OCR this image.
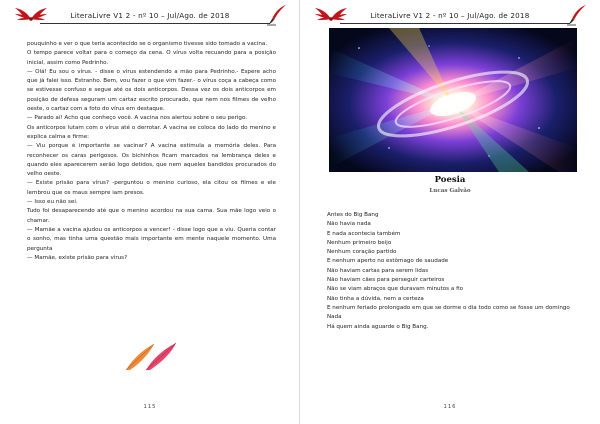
LiteraLivre V1 2 - nº 10 – Jul/Ago. de 2018

pouquinho e ver o que teria acontecido se o organismo tivesse sido tomado a vacina.

O tempo parece voltar para o começo da cena. O vírus volta recuando para a posição inicial, assim como Pedrinho.

— Olá! Eu sou o vírus. - disse o vírus estendendo a mão para Pedrinho.- Espere acho que já falei isso. Estranho. Bem, vou fazer o que vim fazer.- o vírus coça a cabeça como se estivesse confuso e segue até os dois anticorpos. Dessa vez os dois anticorpos em posição de defesa seguram um cartaz escrito procurado, que nem nos filmes de velho oeste, o cartaz com a foto do vírus em destaque.

— Parado aí! Acho que conheço você. A vacina nos alertou sobre o seu perigo.

Os anticorpos lutam com o vírus até o derrotar. A vacina se coloca do lado do menino e explica calma e firme:

— Viu porque é importante se vacinar? A vacina estimula a memória deles. Para reconhecer os caras perigosos. Os bichinhos ficam marcados na lembrança deles e quando eles aparecerem serão logo detidos, que nem aqueles bandidos procurados do velho oeste.

— Existe prisão para vírus? -perguntou o menino curioso, ela citou os filmes e ele lembrou que os maus sempre iam presos.

— Isso eu não sei.

Tudo foi desaparecendo até que o menino acordou na sua cama. Sua mãe logo veio o chamar.

— Mamãe a vacina ajudou os anticorpos a vencer! - disse logo que a viu. Queria contar o sonho, mas tinha uma questão mais importante em mente naquele momento. Uma pergunta

— Mamãe, existe prisão para vírus?

115
LiteraLivre V1 2 - nº 10 – Jul/Ago. de 2018
116
Poesia
Lucas Galvão

Antes do Big Bang

Não havia nada

E nada acontecia também

Nenhum primeiro beijo

Nenhum coração partido

E nenhum aperto no estômago de saudade

Não haviam cartas para serem lidas

Não haviam cães para perseguir carteiros

Não se viam abraços que duravam minutos a fio

Não tinha a dúvida, nem a certeza

E nenhum feriado prolongado em que se dorme o dia todo como se fosse um domingo

Nada

Há quem ainda aguarde o Big Bang.
